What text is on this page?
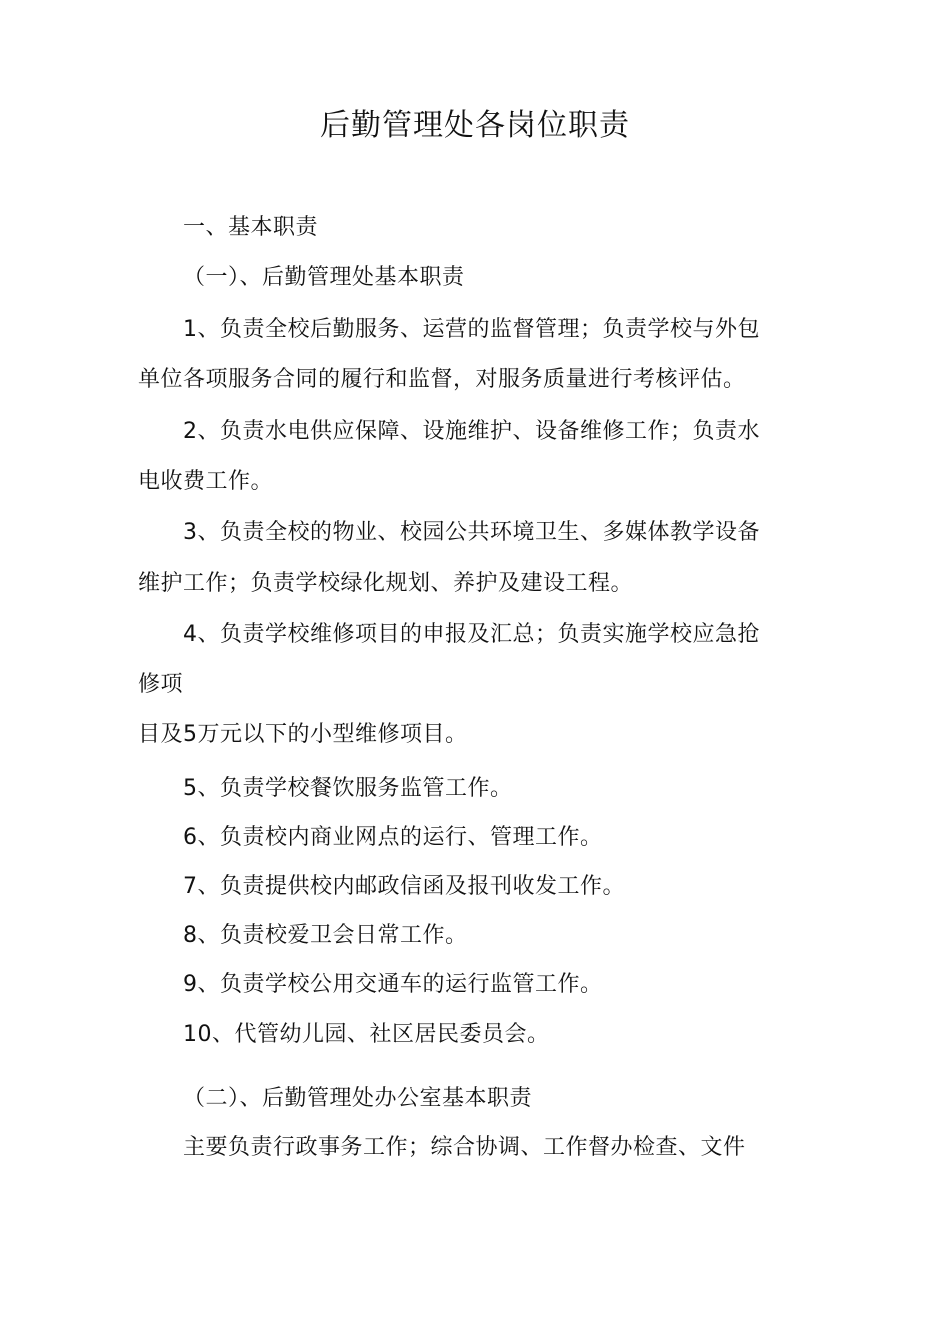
后勤管理处各岗位职责
一、基本职责
（一）、后勤管理处基本职责
1、负责全校后勤服务、运营的监督管理；负责学校与外包
单位各项服务合同的履行和监督，对服务质量进行考核评估。
2、负责水电供应保障、设施维护、设备维修工作；负责水
电收费工作。
3、负责全校的物业、校园公共环境卫生、多媒体教学设备
维护工作；负责学校绿化规划、养护及建设工程。
4、负责学校维修项目的申报及汇总；负责实施学校应急抢
修项
目及5万元以下的小型维修项目。
5、负责学校餐饮服务监管工作。
6、负责校内商业网点的运行、管理工作。
7、负责提供校内邮政信函及报刊收发工作。
8、负责校爱卫会日常工作。
9、负责学校公用交通车的运行监管工作。
10、代管幼儿园、社区居民委员会。
（二）、后勤管理处办公室基本职责
主要负责行政事务工作；综合协调、工作督办检查、文件
